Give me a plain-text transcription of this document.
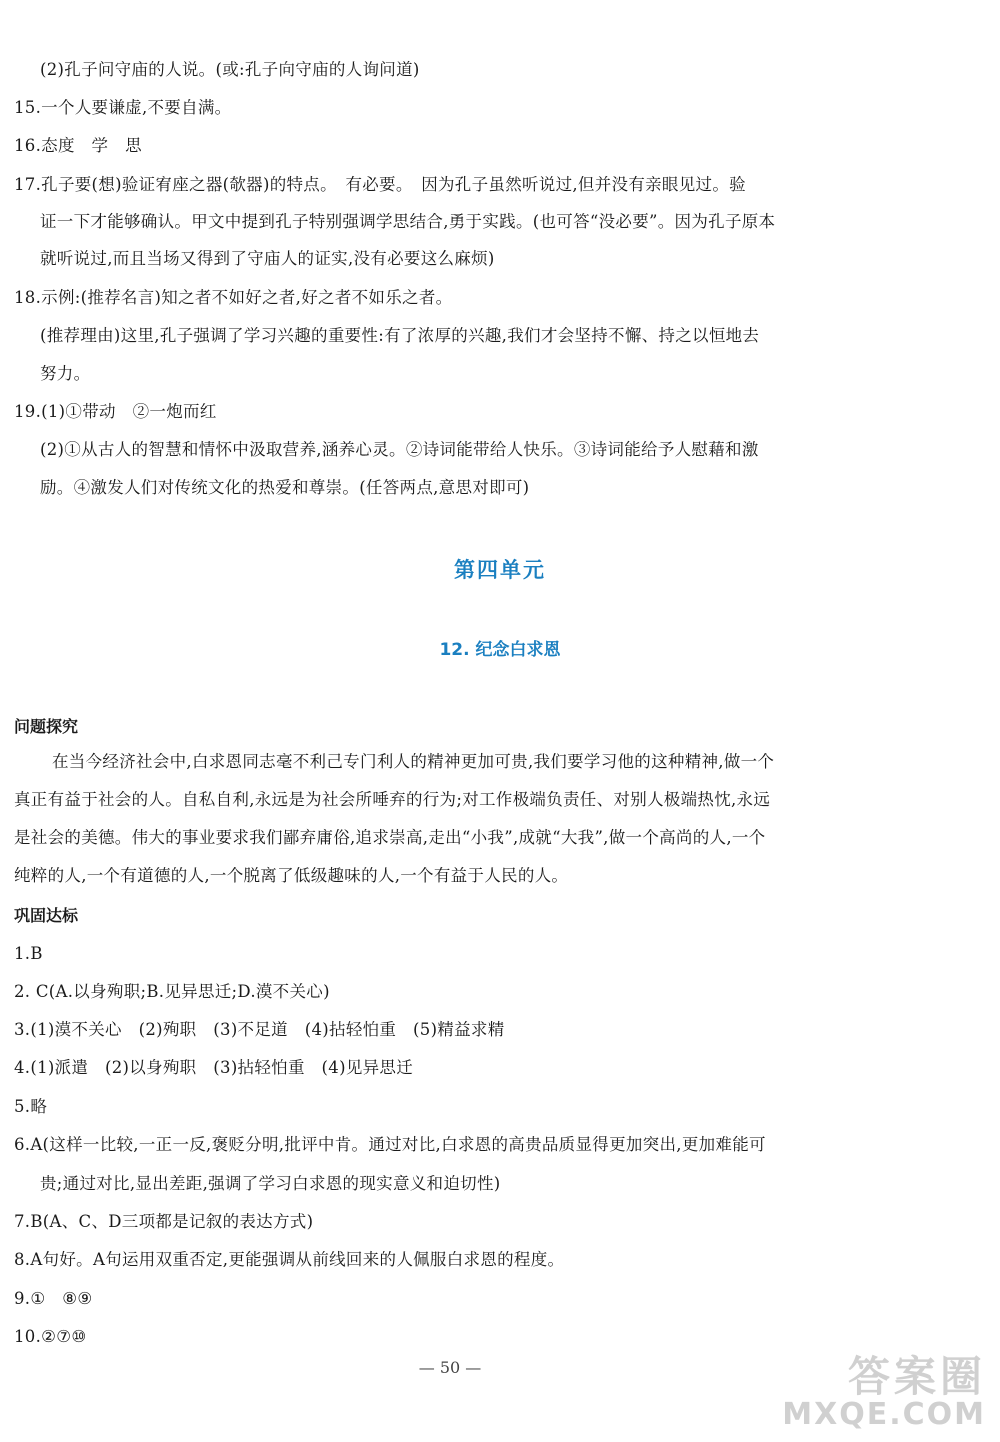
(2)孔子问守庙的人说。(或:孔子向守庙的人询问道)
15.一个人要谦虚,不要自满。
16.态度　学　思
17.孔子要(想)验证宥座之器(欹器)的特点。　有必要。　因为孔子虽然听说过,但并没有亲眼见过。验
证一下才能够确认。甲文中提到孔子特别强调学思结合,勇于实践。(也可答“没必要”。因为孔子原本
就听说过,而且当场又得到了守庙人的证实,没有必要这么麻烦)
18.示例:(推荐名言)知之者不如好之者,好之者不如乐之者。
(推荐理由)这里,孔子强调了学习兴趣的重要性:有了浓厚的兴趣,我们才会坚持不懈、持之以恒地去
努力。
19.(1)①带动　②一炮而红
(2)①从古人的智慧和情怀中汲取营养,涵养心灵。②诗词能带给人快乐。③诗词能给予人慰藉和激
励。④激发人们对传统文化的热爱和尊崇。(任答两点,意思对即可)
第四单元
12. 纪念白求恩
问题探究
在当今经济社会中,白求恩同志毫不利己专门利人的精神更加可贵,我们要学习他的这种精神,做一个
真正有益于社会的人。自私自利,永远是为社会所唾弃的行为;对工作极端负责任、对别人极端热忱,永远
是社会的美德。伟大的事业要求我们鄙弃庸俗,追求崇高,走出“小我”,成就“大我”,做一个高尚的人,一个
纯粹的人,一个有道德的人,一个脱离了低级趣味的人,一个有益于人民的人。
巩固达标
1.B
2. C(A.以身殉职;B.见异思迁;D.漠不关心)
3.(1)漠不关心　(2)殉职　(3)不足道　(4)拈轻怕重　(5)精益求精
4.(1)派遣　(2)以身殉职　(3)拈轻怕重　(4)见异思迁
5.略
6.A(这样一比较,一正一反,褒贬分明,批评中肯。通过对比,白求恩的高贵品质显得更加突出,更加难能可
贵;通过对比,显出差距,强调了学习白求恩的现实意义和迫切性)
7.B(A、C、D三项都是记叙的表达方式)
8.A句好。A句运用双重否定,更能强调从前线回来的人佩服白求恩的程度。
9.①　⑧⑨
10.②⑦⑩
— 50 —	答案圈
MXQE.COM
